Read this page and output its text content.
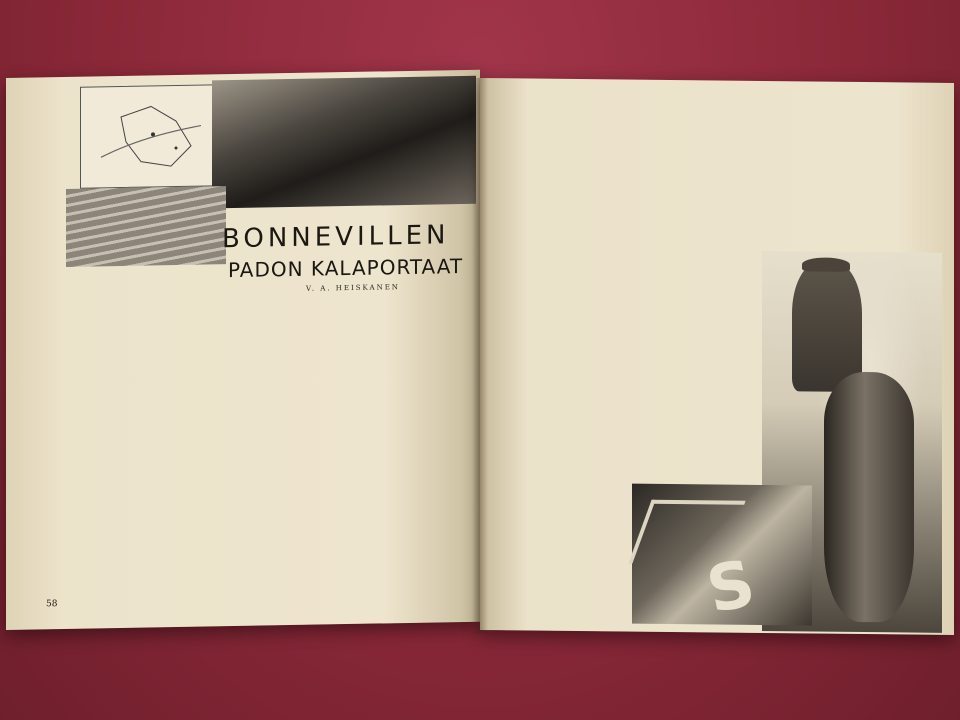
BONNEVILLEN
PADON KALAPORTAAT
V. A. HEISKANEN

58	S
